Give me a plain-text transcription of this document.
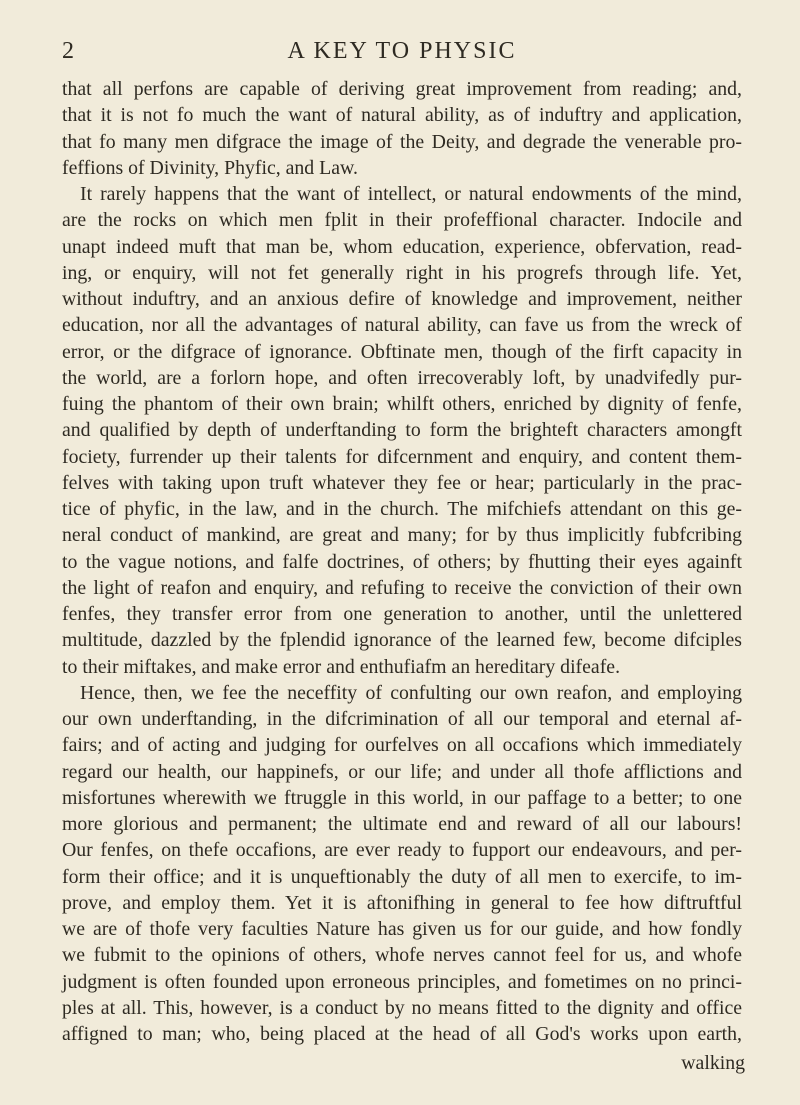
2	A KEY TO PHYSIC

that all perfons are capable of deriving great improvement from reading; and,

that it is not fo much the want of natural ability, as of induftry and application,

that fo many men difgrace the image of the Deity, and degrade the venerable pro-

feffions of Divinity, Phyfic, and Law.

It rarely happens that the want of intellect, or natural endowments of the mind,

are the rocks on which men fplit in their profeffional character. Indocile and

unapt indeed muft that man be, whom education, experience, obfervation, read-

ing, or enquiry, will not fet generally right in his progrefs through life. Yet,

without induftry, and an anxious defire of knowledge and improvement, neither

education, nor all the advantages of natural ability, can fave us from the wreck of

error, or the difgrace of ignorance. Obftinate men, though of the firft capacity in

the world, are a forlorn hope, and often irrecoverably loft, by unadvifedly pur-

fuing the phantom of their own brain; whilft others, enriched by dignity of fenfe,

and qualified by depth of underftanding to form the brighteft characters amongft

fociety, furrender up their talents for difcernment and enquiry, and content them-

felves with taking upon truft whatever they fee or hear; particularly in the prac-

tice of phyfic, in the law, and in the church. The mifchiefs attendant on this ge-

neral conduct of mankind, are great and many; for by thus implicitly fubfcribing

to the vague notions, and falfe doctrines, of others; by fhutting their eyes againft

the light of reafon and enquiry, and refufing to receive the conviction of their own

fenfes, they transfer error from one generation to another, until the unlettered

multitude, dazzled by the fplendid ignorance of the learned few, become difciples

to their miftakes, and make error and enthufiafm an hereditary difeafe.

Hence, then, we fee the neceffity of confulting our own reafon, and employing

our own underftanding, in the difcrimination of all our temporal and eternal af-

fairs; and of acting and judging for ourfelves on all occafions which immediately

regard our health, our happinefs, or our life; and under all thofe afflictions and

misfortunes wherewith we ftruggle in this world, in our paffage to a better; to one

more glorious and permanent; the ultimate end and reward of all our labours!

Our fenfes, on thefe occafions, are ever ready to fupport our endeavours, and per-

form their office; and it is unqueftionably the duty of all men to exercife, to im-

prove, and employ them. Yet it is aftonifhing in general to fee how diftruftful

we are of thofe very faculties Nature has given us for our guide, and how fondly

we fubmit to the opinions of others, whofe nerves cannot feel for us, and whofe

judgment is often founded upon erroneous principles, and fometimes on no princi-

ples at all. This, however, is a conduct by no means fitted to the dignity and office

affigned to man; who, being placed at the head of all God's works upon earth,

walking
